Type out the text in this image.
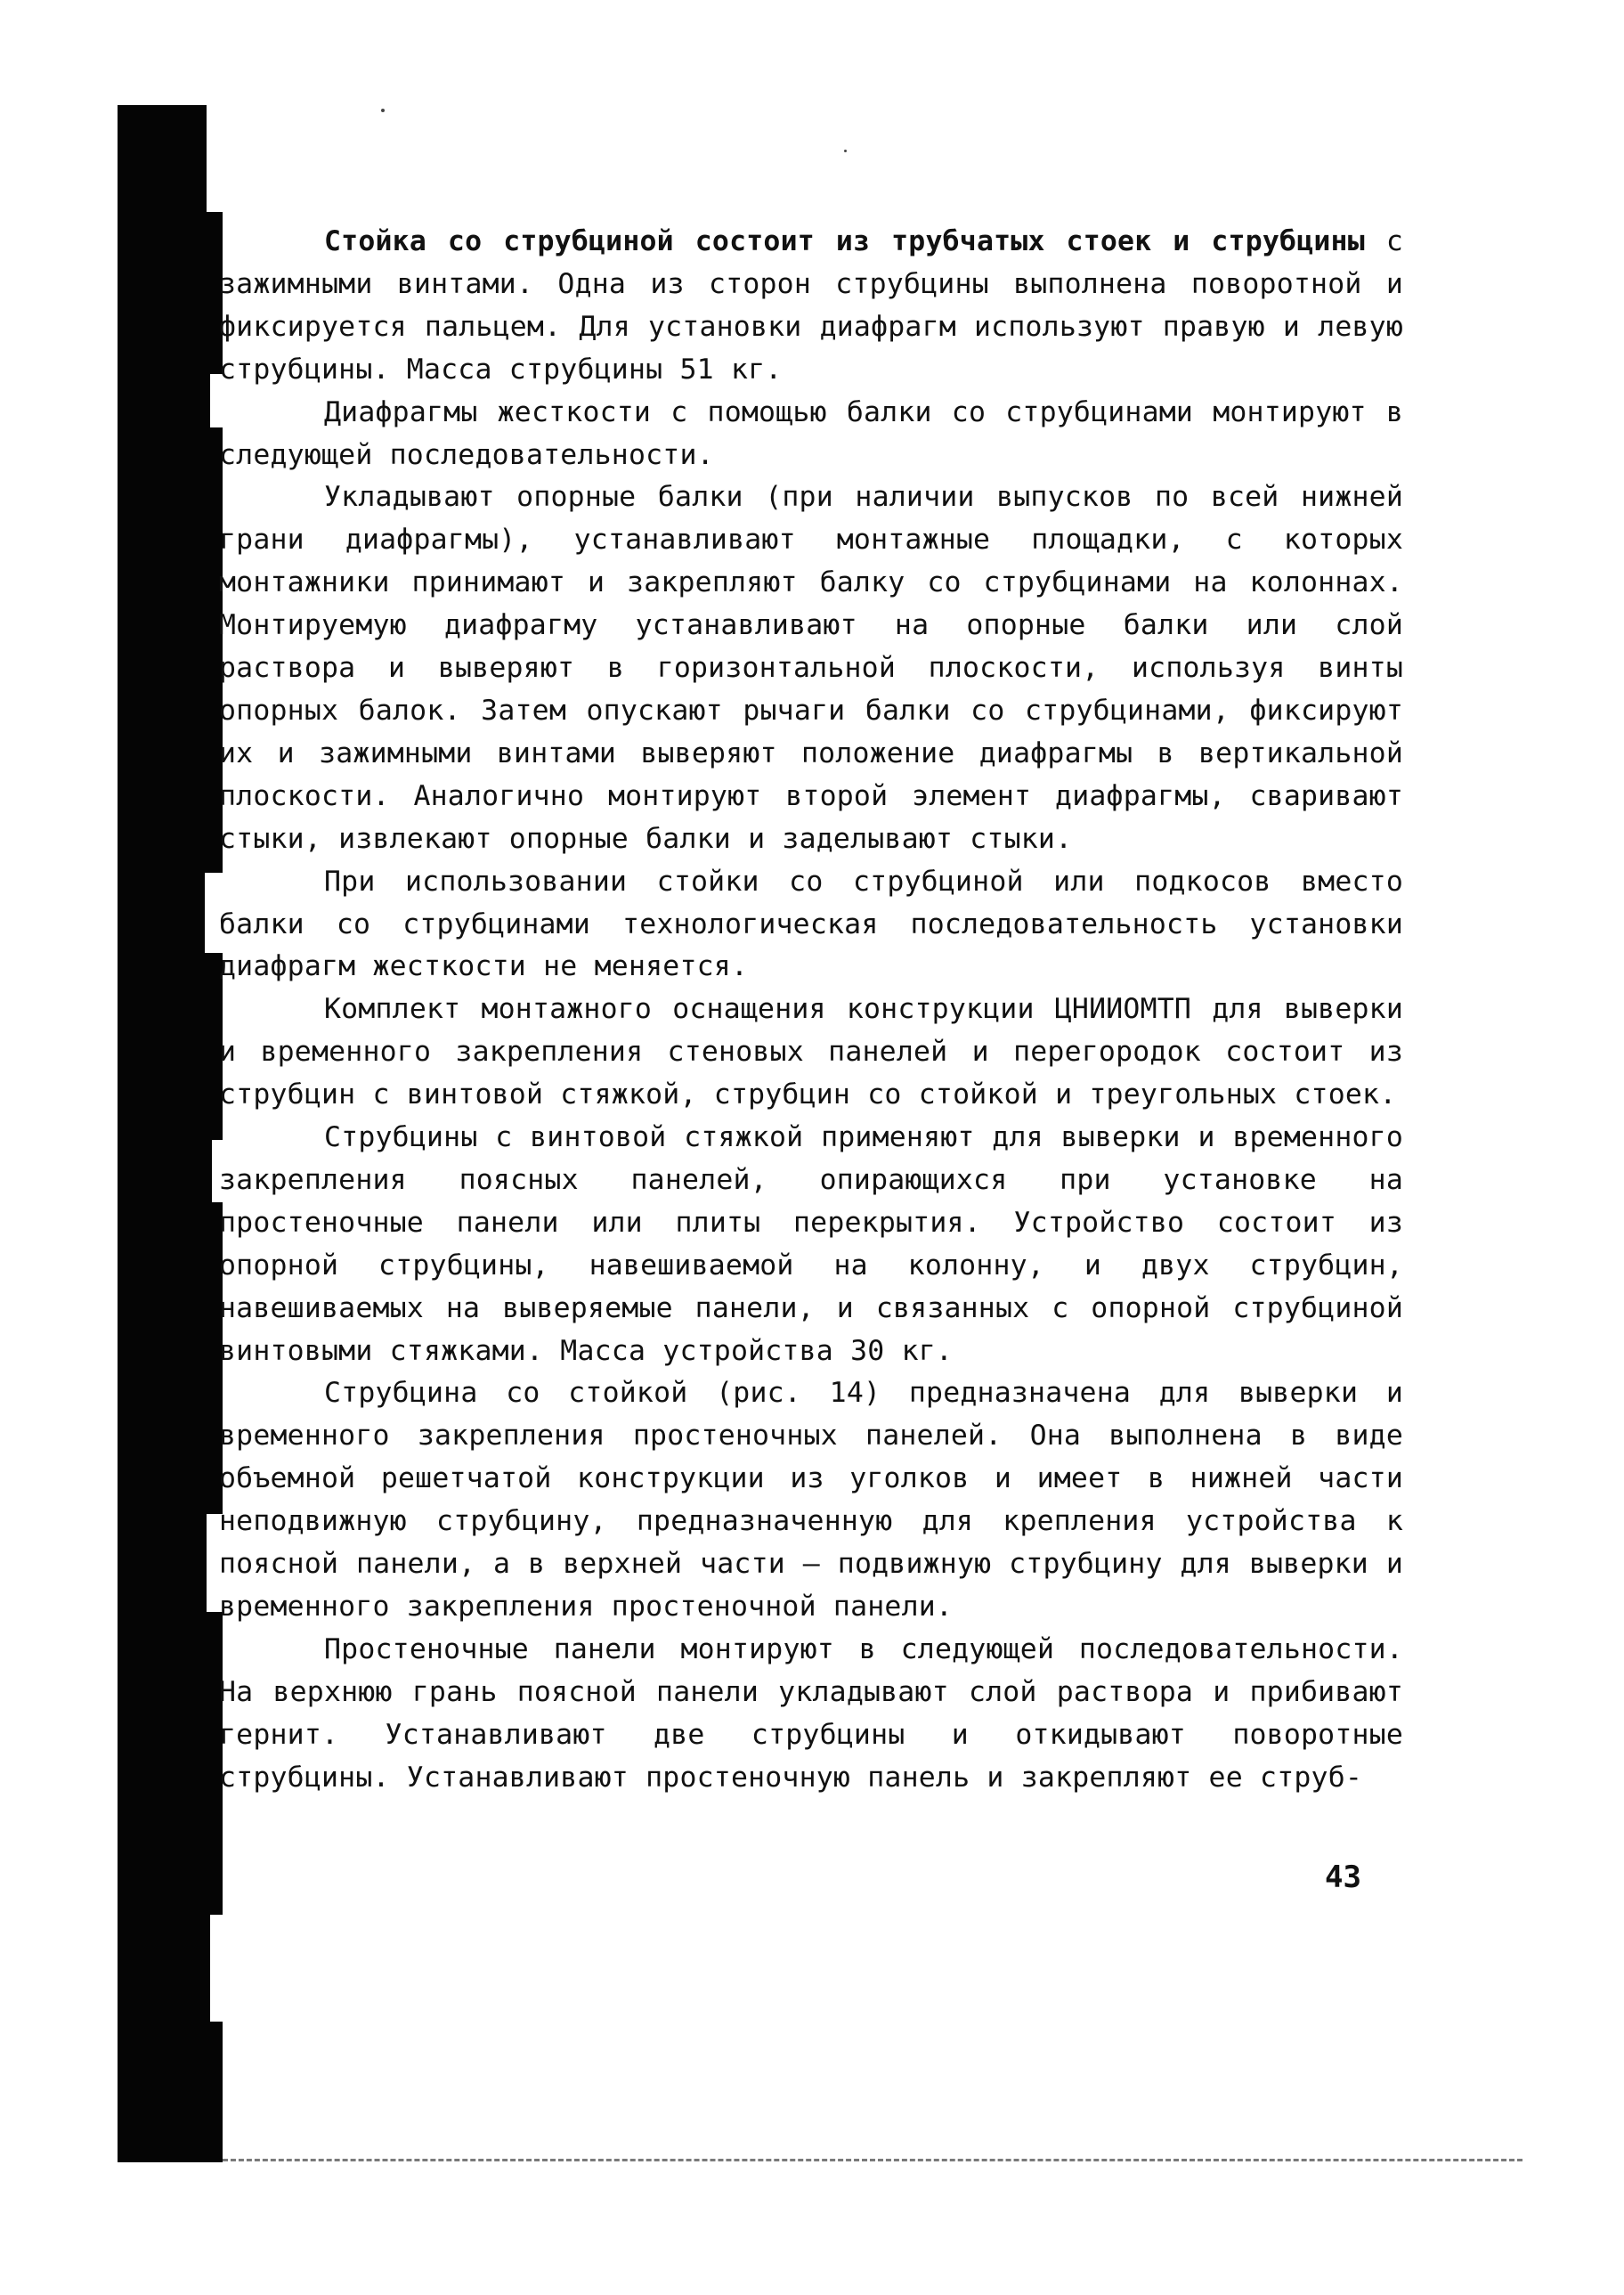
Стойка со струбциной состоит из трубчатых стоек и струбцины с зажимными винтами. Одна из сторон струбцины выполнена поворотной и фиксируется пальцем. Для установки диафрагм используют правую и левую струбцины. Масса струбцины 51 кг.

Диафрагмы жесткости с помощью балки со струбцинами монтируют в следующей последовательности.

Укладывают опорные балки (при наличии выпусков по всей нижней грани диафрагмы), устанавливают монтажные площадки, с которых монтажники принимают и закрепляют балку со струбцинами на колоннах. Монтируемую диафрагму устанавливают на опорные балки или слой раствора и выверяют в горизонтальной плоскости, используя винты опорных балок. Затем опускают рычаги балки со струбцинами, фиксируют их и зажимными винтами выверяют положение диафрагмы в вертикальной плоскости. Аналогично монтируют второй элемент диафрагмы, сваривают стыки, извлекают опорные балки и заделывают стыки.

При использовании стойки со струбциной или подкосов вместо балки со струбцинами технологическая последовательность установки диафрагм жесткости не меняется.

Комплект монтажного оснащения конструкции ЦНИИОМТП для выверки и временного закрепления стеновых панелей и перегородок состоит из струбцин с винтовой стяжкой, струбцин со стойкой и треугольных стоек.

Струбцины с винтовой стяжкой применяют для выверки и временного закрепления поясных панелей, опирающихся при установке на простеночные панели или плиты перекрытия. Устройство состоит из опорной струбцины, навешиваемой на колонну, и двух струбцин, навешиваемых на выверяемые панели, и связанных с опорной струбциной винтовыми стяжками. Масса устройства 30 кг.

Струбцина со стойкой (рис. 14) предназначена для выверки и временного закрепления простеночных панелей. Она выполнена в виде объемной решетчатой конструкции из уголков и имеет в нижней части неподвижную струбцину, предназначенную для крепления устройства к поясной панели, а в верхней части – подвижную струбцину для выверки и временного закрепления простеночной панели.

Простеночные панели монтируют в следующей последовательности. На верхнюю грань поясной панели укладывают слой раствора и прибивают гернит. Устанавливают две струбцины и откидывают поворотные струбцины. Устанавливают простеночную панель и закрепляют ее струб-

43
